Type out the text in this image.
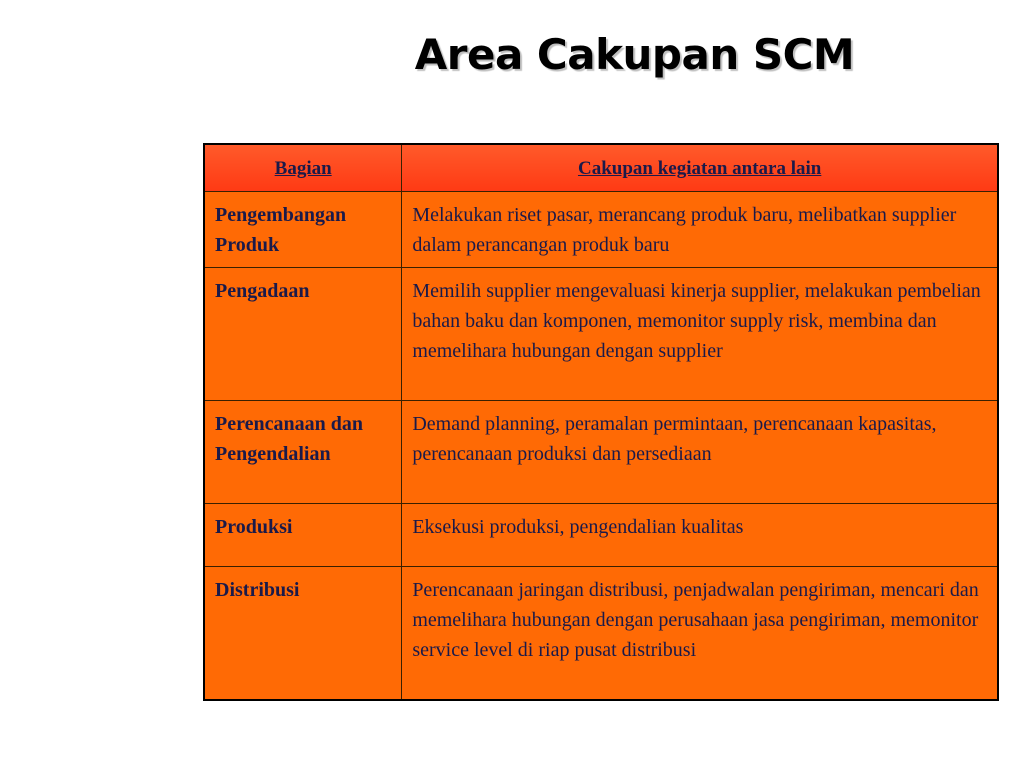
Area Cakupan SCM
Bagian	Cakupan kegiatan antara lain
Pengembangan Produk	Melakukan riset pasar, merancang produk baru, melibatkan supplier dalam perancangan produk baru
Pengadaan	Memilih supplier mengevaluasi kinerja supplier, melakukan pembelian bahan baku dan komponen, memonitor supply risk, membina dan memelihara hubungan dengan supplier
Perencanaan dan Pengendalian	Demand planning, peramalan permintaan, perencanaan kapasitas, perencanaan produksi dan persediaan
Produksi	Eksekusi produksi, pengendalian kualitas
Distribusi	Perencanaan jaringan distribusi, penjadwalan pengiriman, mencari dan memelihara hubungan dengan perusahaan jasa pengiriman, memonitor service level di riap pusat distribusi
